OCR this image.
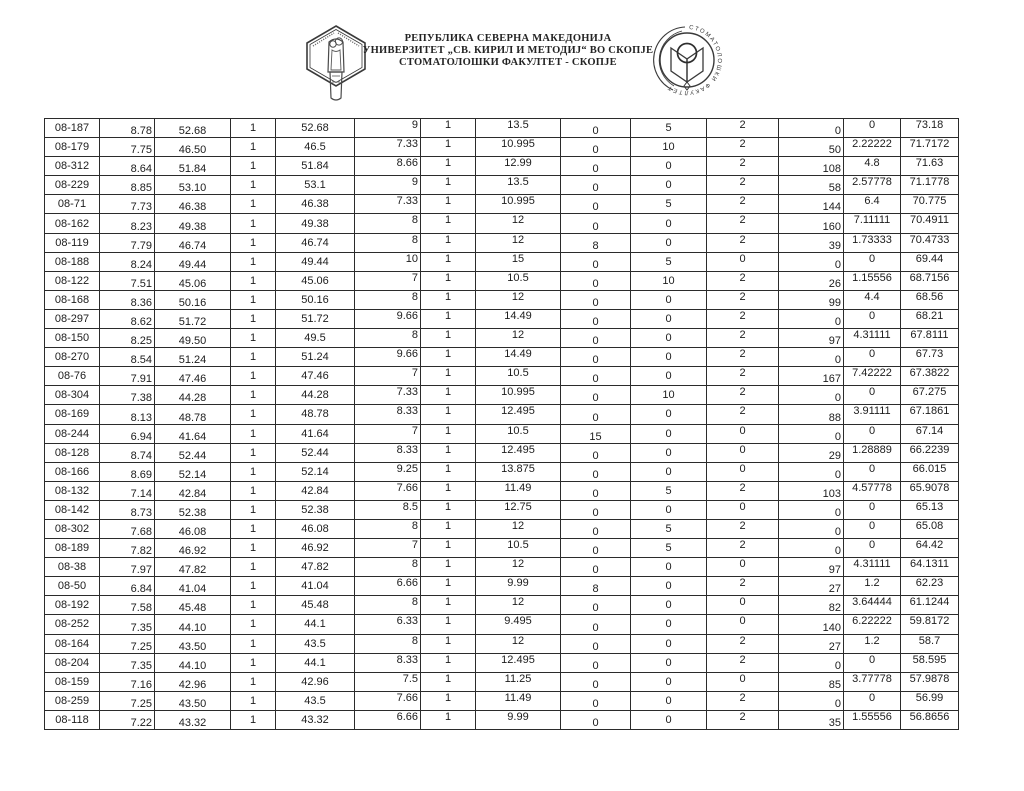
РЕПУБЛИКА СЕВЕРНА МАКЕДОНИЈА
УНИВЕРЗИТЕТ „СВ. КИРИЛ И МЕТОДИЈ“ ВО СКОПЈЕ
СТОМАТОЛОШКИ ФАКУЛТЕТ - СКОПЈЕ
СТОМАТОЛОШКИ ФАКУЛТЕТ
08-187	8.78	52.68	1	52.68	9	1	13.5	0	5	2	0	0	73.18
08-179	7.75	46.50	1	46.5	7.33	1	10.995	0	10	2	50	2.22222	71.7172
08-312	8.64	51.84	1	51.84	8.66	1	12.99	0	0	2	108	4.8	71.63
08-229	8.85	53.10	1	53.1	9	1	13.5	0	0	2	58	2.57778	71.1778
08-71	7.73	46.38	1	46.38	7.33	1	10.995	0	5	2	144	6.4	70.775
08-162	8.23	49.38	1	49.38	8	1	12	0	0	2	160	7.11111	70.4911
08-119	7.79	46.74	1	46.74	8	1	12	8	0	2	39	1.73333	70.4733
08-188	8.24	49.44	1	49.44	10	1	15	0	5	0	0	0	69.44
08-122	7.51	45.06	1	45.06	7	1	10.5	0	10	2	26	1.15556	68.7156
08-168	8.36	50.16	1	50.16	8	1	12	0	0	2	99	4.4	68.56
08-297	8.62	51.72	1	51.72	9.66	1	14.49	0	0	2	0	0	68.21
08-150	8.25	49.50	1	49.5	8	1	12	0	0	2	97	4.31111	67.8111
08-270	8.54	51.24	1	51.24	9.66	1	14.49	0	0	2	0	0	67.73
08-76	7.91	47.46	1	47.46	7	1	10.5	0	0	2	167	7.42222	67.3822
08-304	7.38	44.28	1	44.28	7.33	1	10.995	0	10	2	0	0	67.275
08-169	8.13	48.78	1	48.78	8.33	1	12.495	0	0	2	88	3.91111	67.1861
08-244	6.94	41.64	1	41.64	7	1	10.5	15	0	0	0	0	67.14
08-128	8.74	52.44	1	52.44	8.33	1	12.495	0	0	0	29	1.28889	66.2239
08-166	8.69	52.14	1	52.14	9.25	1	13.875	0	0	0	0	0	66.015
08-132	7.14	42.84	1	42.84	7.66	1	11.49	0	5	2	103	4.57778	65.9078
08-142	8.73	52.38	1	52.38	8.5	1	12.75	0	0	0	0	0	65.13
08-302	7.68	46.08	1	46.08	8	1	12	0	5	2	0	0	65.08
08-189	7.82	46.92	1	46.92	7	1	10.5	0	5	2	0	0	64.42
08-38	7.97	47.82	1	47.82	8	1	12	0	0	0	97	4.31111	64.1311
08-50	6.84	41.04	1	41.04	6.66	1	9.99	8	0	2	27	1.2	62.23
08-192	7.58	45.48	1	45.48	8	1	12	0	0	0	82	3.64444	61.1244
08-252	7.35	44.10	1	44.1	6.33	1	9.495	0	0	0	140	6.22222	59.8172
08-164	7.25	43.50	1	43.5	8	1	12	0	0	2	27	1.2	58.7
08-204	7.35	44.10	1	44.1	8.33	1	12.495	0	0	2	0	0	58.595
08-159	7.16	42.96	1	42.96	7.5	1	11.25	0	0	0	85	3.77778	57.9878
08-259	7.25	43.50	1	43.5	7.66	1	11.49	0	0	2	0	0	56.99
08-118	7.22	43.32	1	43.32	6.66	1	9.99	0	0	2	35	1.55556	56.8656
